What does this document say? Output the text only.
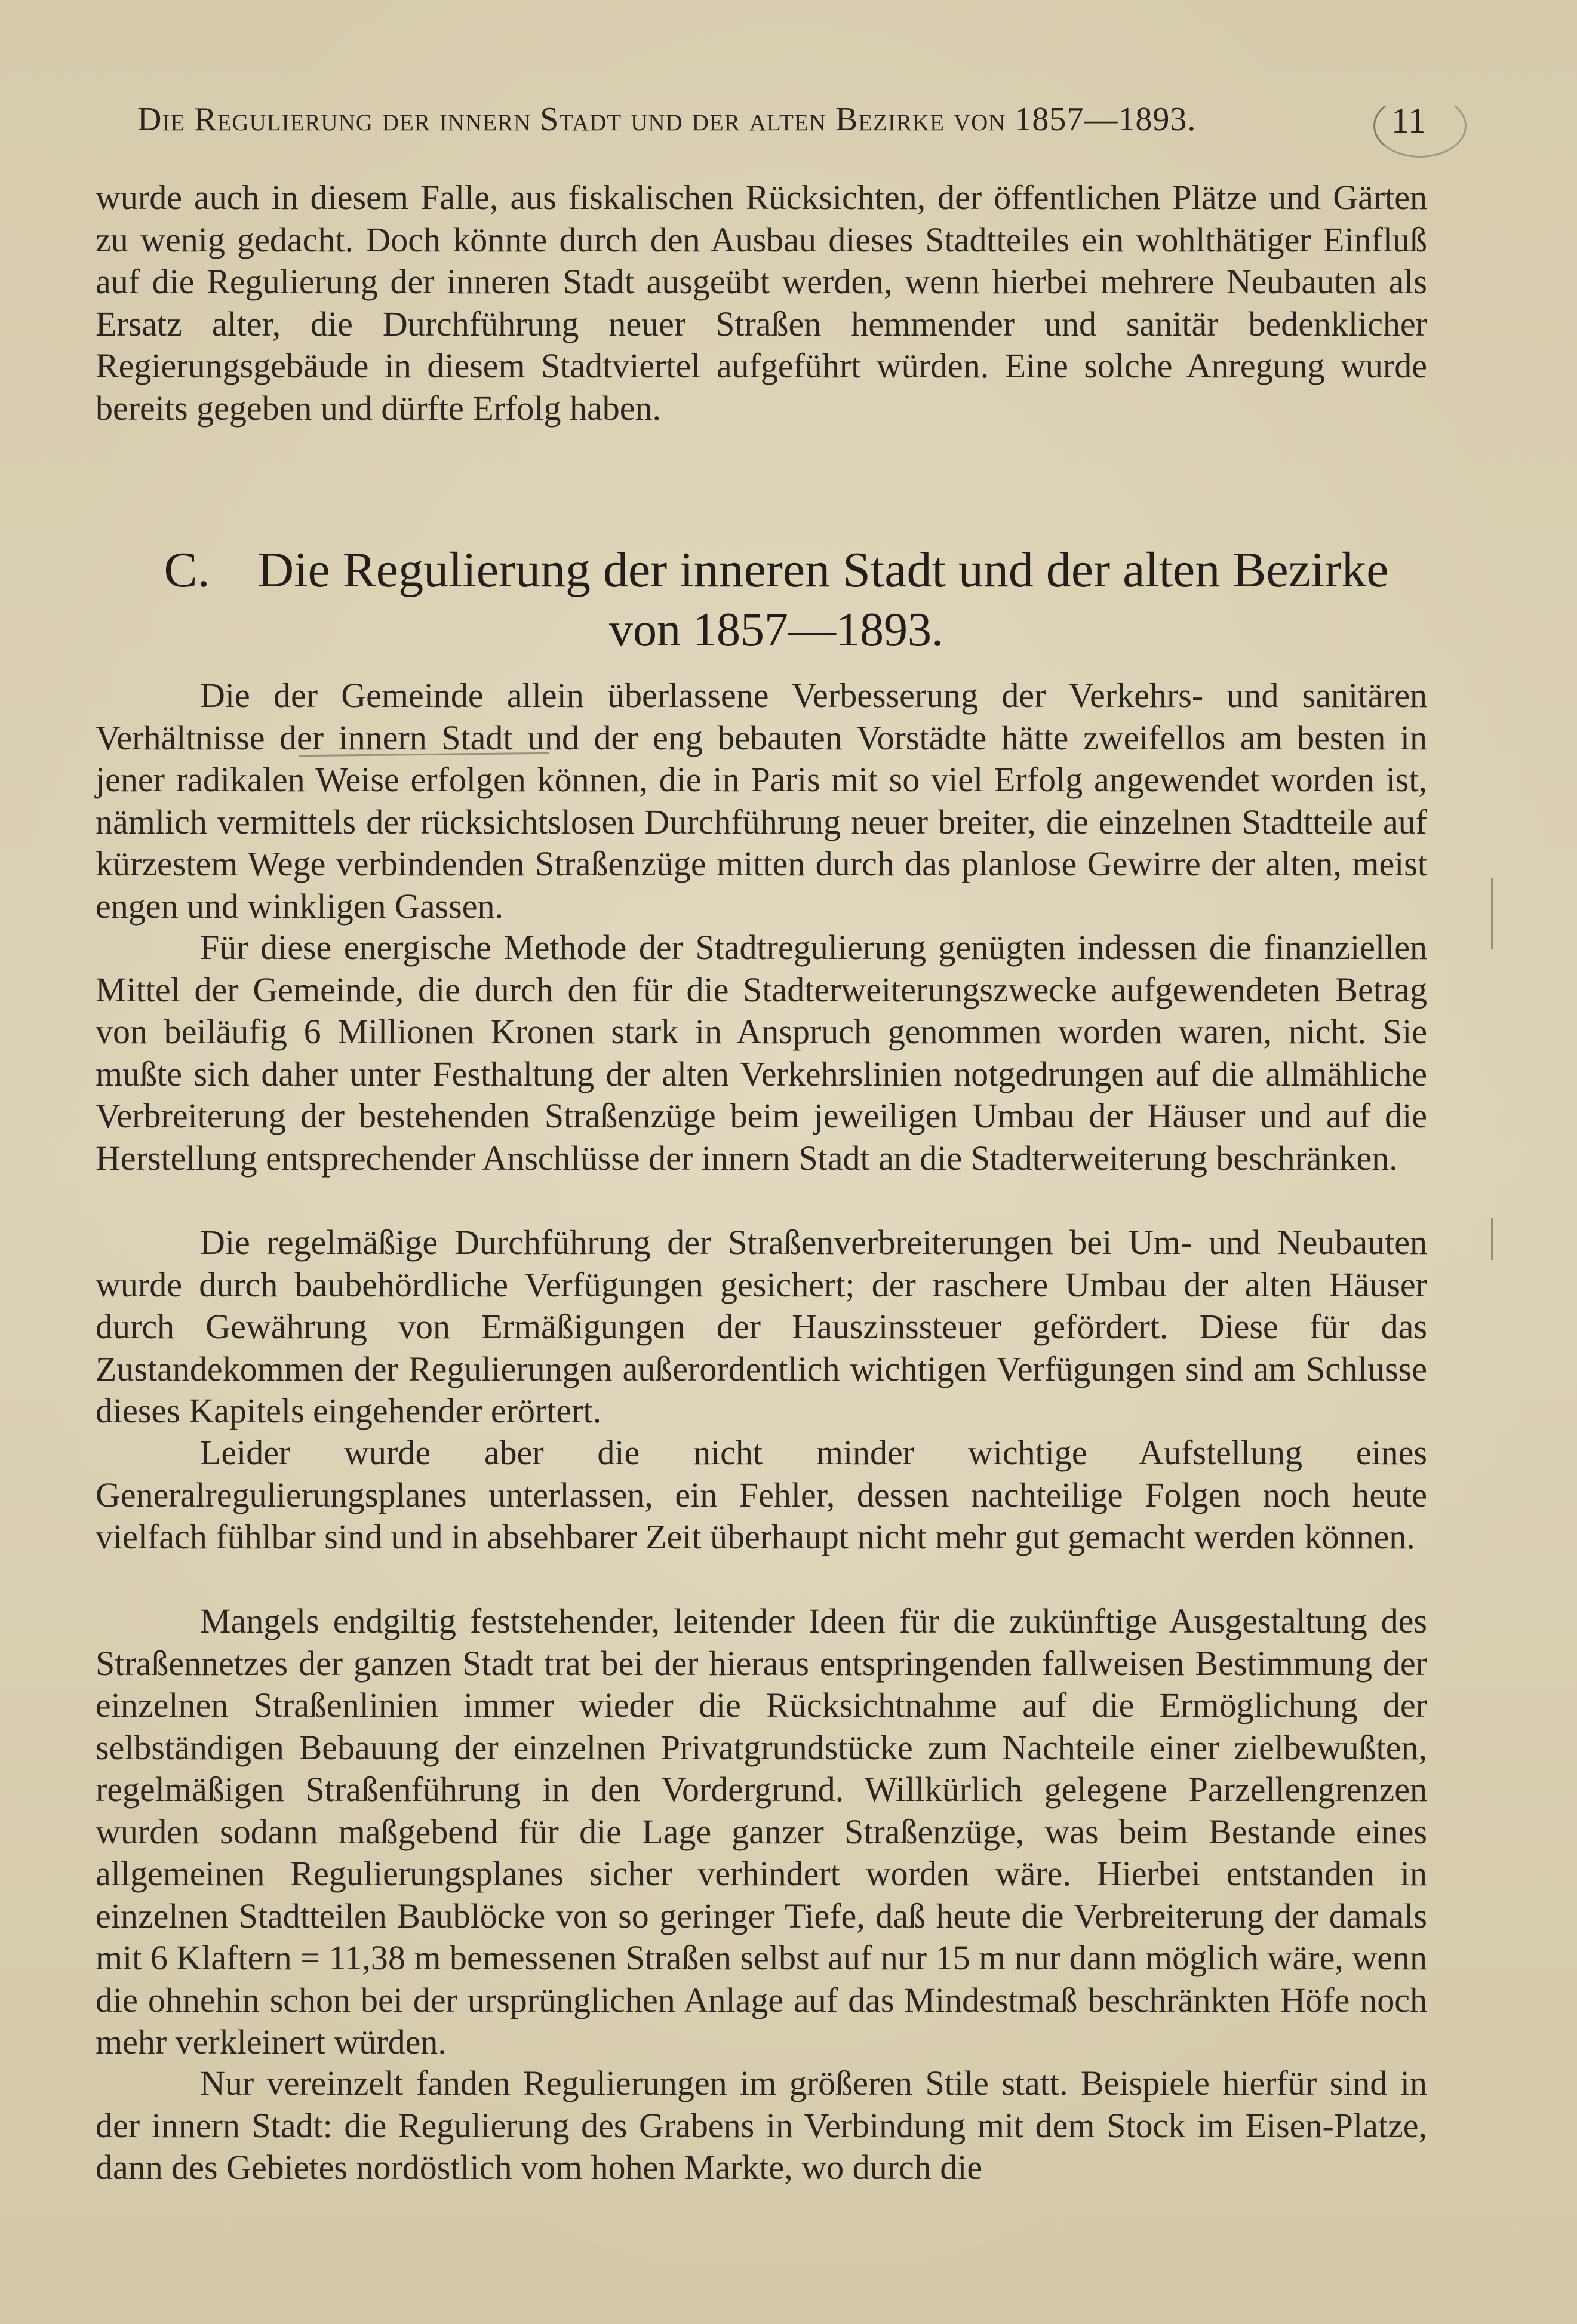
Die Regulierung der innern Stadt und der alten Bezirke von 1857—1893.	11

wurde auch in diesem Falle, aus fiskalischen Rücksichten, der öffentlichen Plätze und Gärten zu wenig gedacht. Doch könnte durch den Ausbau dieses Stadtteiles ein wohlthätiger Einfluß auf die Regulierung der inneren Stadt ausgeübt werden, wenn hierbei mehrere Neubauten als Ersatz alter, die Durchführung neuer Straßen hemmender und sanitär bedenklicher Regierungsgebäude in diesem Stadtviertel aufgeführt würden. Eine solche Anregung wurde bereits gegeben und dürfte Erfolg haben.

C. Die Regulierung der inneren Stadt und der alten Bezirke
von 1857—1893.

Die der Gemeinde allein überlassene Verbesserung der Verkehrs- und sanitären Verhältnisse der innern Stadt und der eng bebauten Vorstädte hätte zweifellos am besten in jener radikalen Weise erfolgen können, die in Paris mit so viel Erfolg angewendet worden ist, nämlich vermittels der rücksichtslosen Durchführung neuer breiter, die einzelnen Stadtteile auf kürzestem Wege verbindenden Straßenzüge mitten durch das planlose Gewirre der alten, meist engen und winkligen Gassen.

Für diese energische Methode der Stadtregulierung genügten indessen die finanziellen Mittel der Gemeinde, die durch den für die Stadterweiterungszwecke aufgewendeten Betrag von beiläufig 6 Millionen Kronen stark in Anspruch genommen worden waren, nicht. Sie mußte sich daher unter Festhaltung der alten Verkehrslinien notgedrungen auf die allmähliche Verbreiterung der bestehenden Straßenzüge beim jeweiligen Umbau der Häuser und auf die Herstellung entsprechender Anschlüsse der innern Stadt an die Stadterweiterung beschränken.

Die regelmäßige Durchführung der Straßenverbreiterungen bei Um- und Neubauten wurde durch baubehördliche Verfügungen gesichert; der raschere Umbau der alten Häuser durch Gewährung von Ermäßigungen der Hauszinssteuer gefördert. Diese für das Zustandekommen der Regulierungen außerordentlich wichtigen Verfügungen sind am Schlusse dieses Kapitels eingehender erörtert.

Leider wurde aber die nicht minder wichtige Aufstellung eines Generalregulierungsplanes unterlassen, ein Fehler, dessen nachteilige Folgen noch heute vielfach fühlbar sind und in absehbarer Zeit überhaupt nicht mehr gut gemacht werden können.

Mangels endgiltig feststehender, leitender Ideen für die zukünftige Ausgestaltung des Straßennetzes der ganzen Stadt trat bei der hieraus entspringenden fallweisen Bestimmung der einzelnen Straßenlinien immer wieder die Rücksichtnahme auf die Ermöglichung der selbständigen Bebauung der einzelnen Privatgrundstücke zum Nachteile einer zielbewußten, regelmäßigen Straßenführung in den Vordergrund. Willkürlich gelegene Parzellengrenzen wurden sodann maßgebend für die Lage ganzer Straßenzüge, was beim Bestande eines allgemeinen Regulierungsplanes sicher verhindert worden wäre. Hierbei entstanden in einzelnen Stadtteilen Baublöcke von so geringer Tiefe, daß heute die Verbreiterung der damals mit 6 Klaftern = 11,38 m bemessenen Straßen selbst auf nur 15 m nur dann möglich wäre, wenn die ohnehin schon bei der ursprünglichen Anlage auf das Mindestmaß beschränkten Höfe noch mehr verkleinert würden.

Nur vereinzelt fanden Regulierungen im größeren Stile statt. Beispiele hierfür sind in der innern Stadt: die Regulierung des Grabens in Verbindung mit dem Stock im Eisen-Platze, dann des Gebietes nordöstlich vom hohen Markte, wo durch die
